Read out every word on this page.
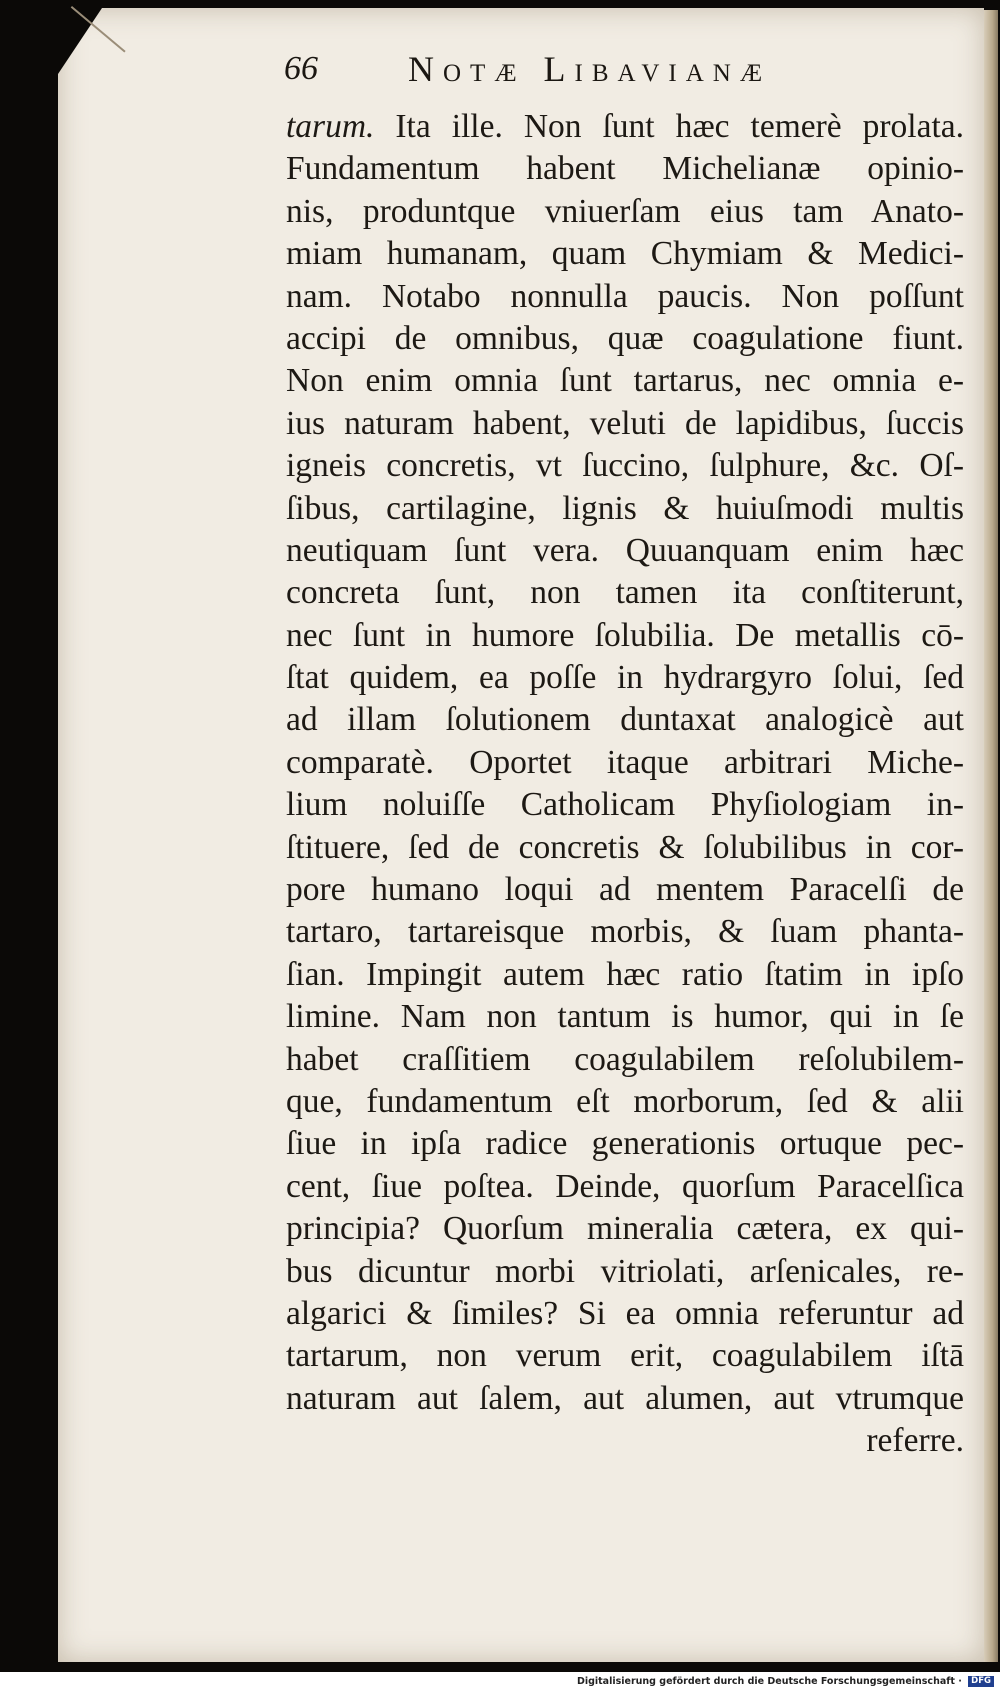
66	Notæ Libavianæ
tarum. Ita ille. Non ſunt hæc temerè prolata.
Fundamentum habent Michelianæ opinio-
nis, produntque vniuerſam eius tam Anato-
miam humanam, quam Chymiam & Medici-
nam. Notabo nonnulla paucis. Non poſſunt
accipi de omnibus, quæ coagulatione fiunt.
Non enim omnia ſunt tartarus, nec omnia e-
ius naturam habent, veluti de lapidibus, ſuccis
igneis concretis, vt ſuccino, ſulphure, &c. Oſ-
ſibus, cartilagine, lignis & huiuſmodi multis
neutiquam ſunt vera. Quuanquam enim hæc
concreta ſunt, non tamen ita conſtiterunt,
nec ſunt in humore ſolubilia. De metallis cō-
ſtat quidem, ea poſſe in hydrargyro ſolui, ſed
ad illam ſolutionem duntaxat analogicè aut
comparatè. Oportet itaque arbitrari Miche-
lium noluiſſe Catholicam Phyſiologiam in-
ſtituere, ſed de concretis & ſolubilibus in cor-
pore humano loqui ad mentem Paracelſi de
tartaro, tartareisque morbis, & ſuam phanta-
ſian. Impingit autem hæc ratio ſtatim in ipſo
limine. Nam non tantum is humor, qui in ſe
habet craſſitiem coagulabilem reſolubilem-
que, fundamentum eſt morborum, ſed & alii
ſiue in ipſa radice generationis ortuque pec-
cent, ſiue poſtea. Deinde, quorſum Paracelſica
principia? Quorſum mineralia cætera, ex qui-
bus dicuntur morbi vitriolati, arſenicales, re-
algarici & ſimiles? Si ea omnia referuntur ad
tartarum, non verum erit, coagulabilem iſtā
naturam aut ſalem, aut alumen, aut vtrumque
referre.
Digitalisierung gefördert durch die Deutsche Forschungsgemeinschaft · DFG
